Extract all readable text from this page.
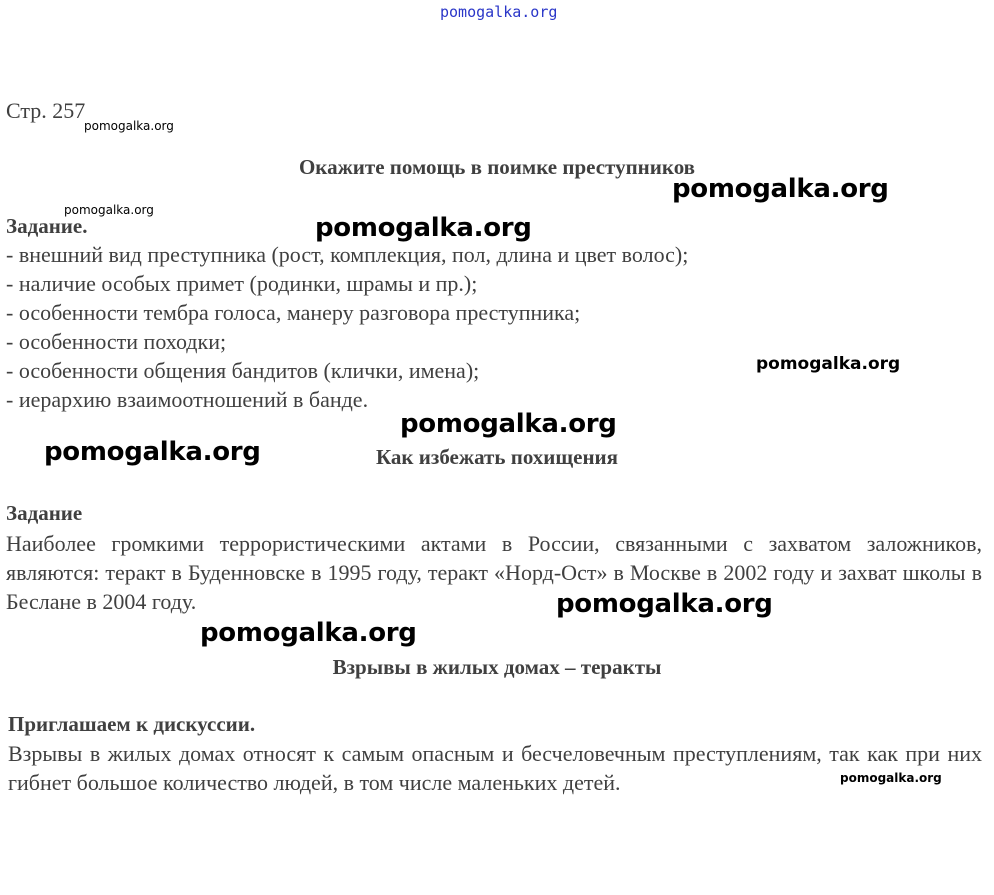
pomogalka.org
Стр. 257
Окажите помощь в поимке преступников
Задание.
- внешний вид преступника (рост, комплекция, пол, длина и цвет волос);
- наличие особых примет (родинки, шрамы и пр.);
- особенности тембра голоса, манеру разговора преступника;
- особенности походки;
- особенности общения бандитов (клички, имена);
- иерархию взаимоотношений в банде.
Как избежать похищения
Задание
Наиболее громкими террористическими актами в России, связанными с захватом заложников, являются: теракт в Буденновске в 1995 году, теракт «Норд-Ост» в Москве в 2002 году и захват школы в Беслане в 2004 году.
Взрывы в жилых домах – теракты
Приглашаем к дискуссии.
Взрывы в жилых домах относят к самым опасным и бесчеловечным преступлениям, так как при них гибнет большое количество людей, в том числе маленьких детей.
pomogalka.org
pomogalka.org
pomogalka.org
pomogalka.org
pomogalka.org
pomogalka.org
pomogalka.org
pomogalka.org
pomogalka.org
pomogalka.org
